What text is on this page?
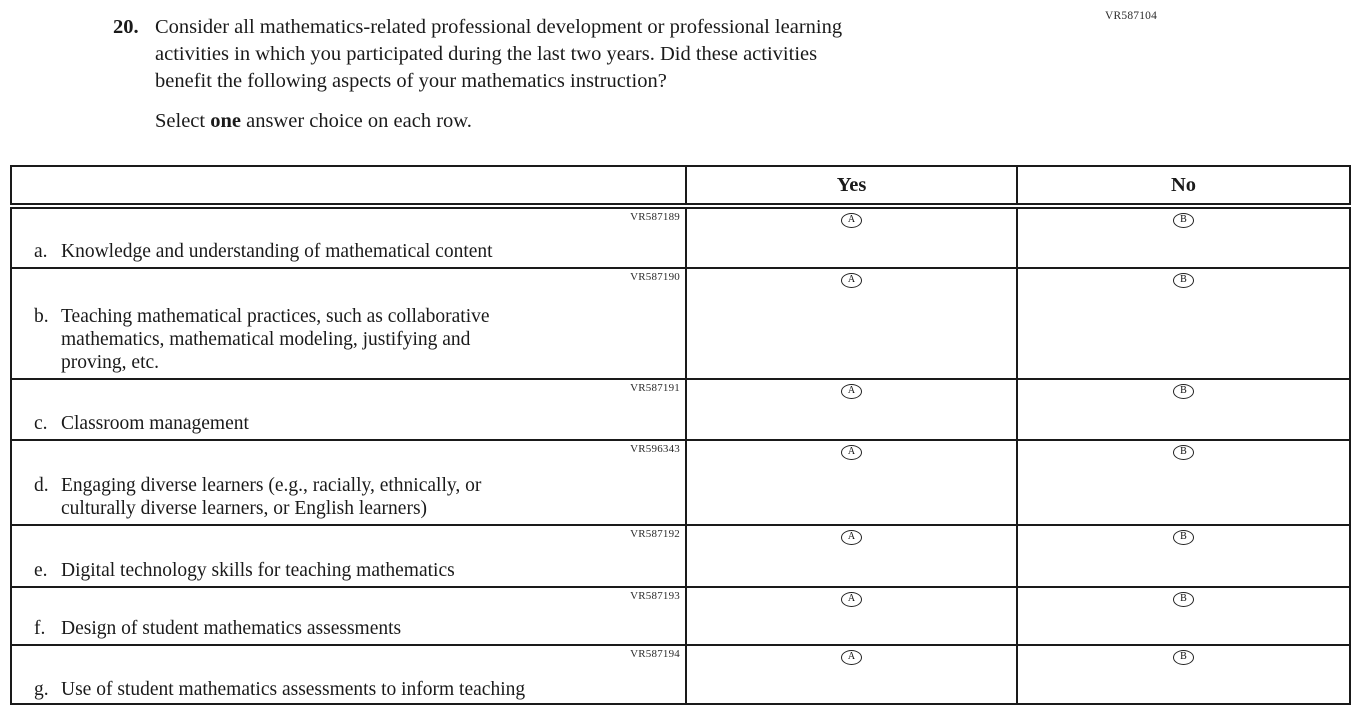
VR587104
20. Consider all mathematics-related professional development or professional learning
activities in which you participated during the last two years. Did these activities
benefit the following aspects of your mathematics instruction?
Select one answer choice on each row.
	Yes	No

VR587189
a. Knowledge and understanding of mathematical content	A	B

VR587190
b. Teaching mathematical practices, such as collaborative
mathematics, mathematical modeling, justifying and
proving, etc.	A	B

VR587191
c. Classroom management	A	B

VR596343
d. Engaging diverse learners (e.g., racially, ethnically, or
culturally diverse learners, or English learners)	A	B

VR587192
e. Digital technology skills for teaching mathematics	A	B

VR587193
f. Design of student mathematics assessments	A	B

VR587194
g. Use of student mathematics assessments to inform teaching	A	B
